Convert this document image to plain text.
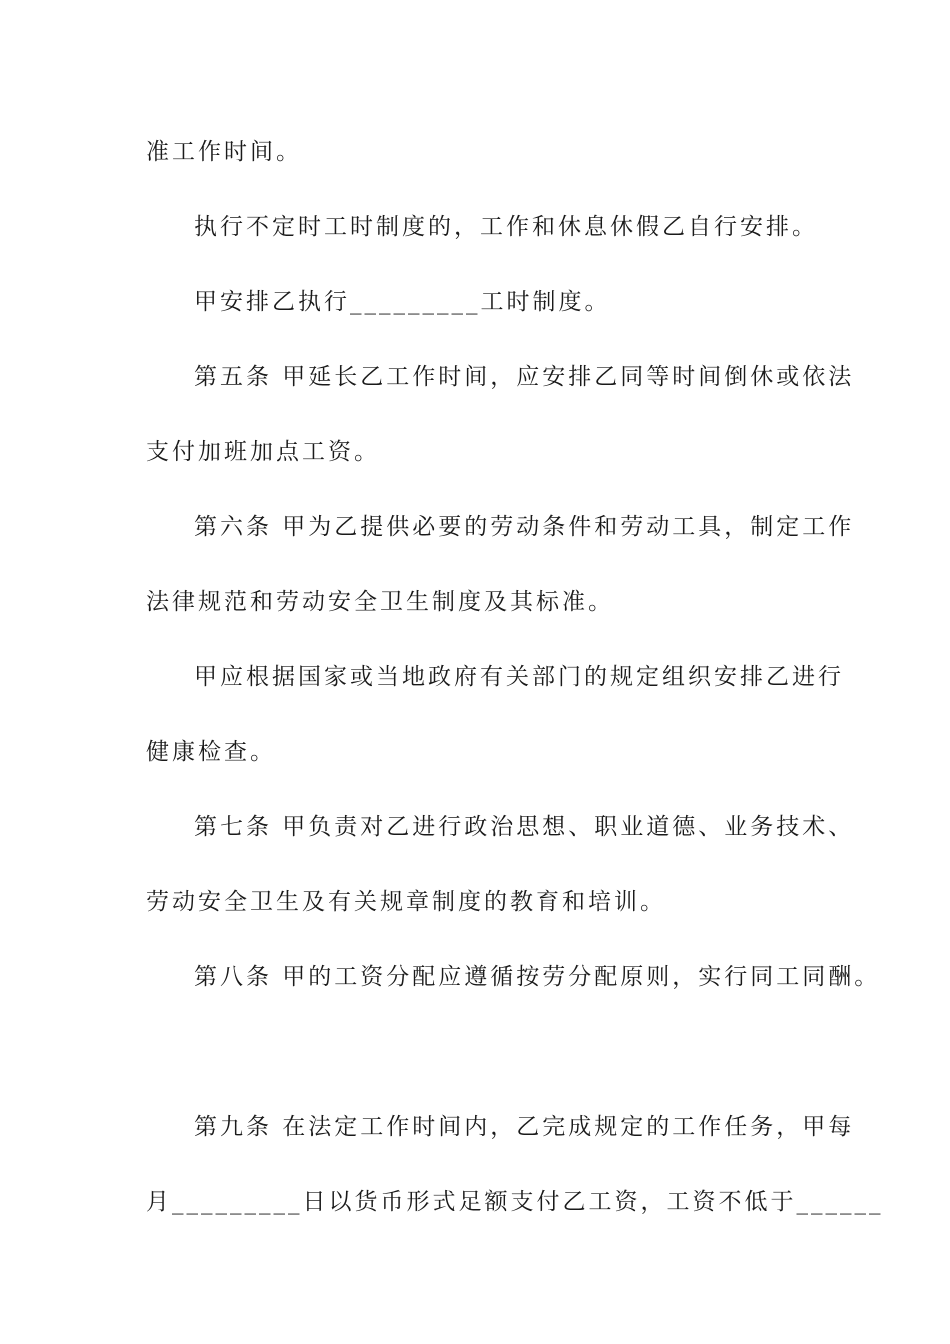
准工作时间。
执行不定时工时制度的，工作和休息休假乙自行安排。
甲安排乙执行_________工时制度。
第五条 甲延长乙工作时间，应安排乙同等时间倒休或依法
支付加班加点工资。
第六条 甲为乙提供必要的劳动条件和劳动工具，制定工作
法律规范和劳动安全卫生制度及其标准。
甲应根据国家或当地政府有关部门的规定组织安排乙进行
健康检查。
第七条 甲负责对乙进行政治思想、职业道德、业务技术、
劳动安全卫生及有关规章制度的教育和培训。
第八条 甲的工资分配应遵循按劳分配原则，实行同工同酬。
第九条 在法定工作时间内，乙完成规定的工作任务，甲每
月_________日以货币形式足额支付乙工资，工资不低于______
